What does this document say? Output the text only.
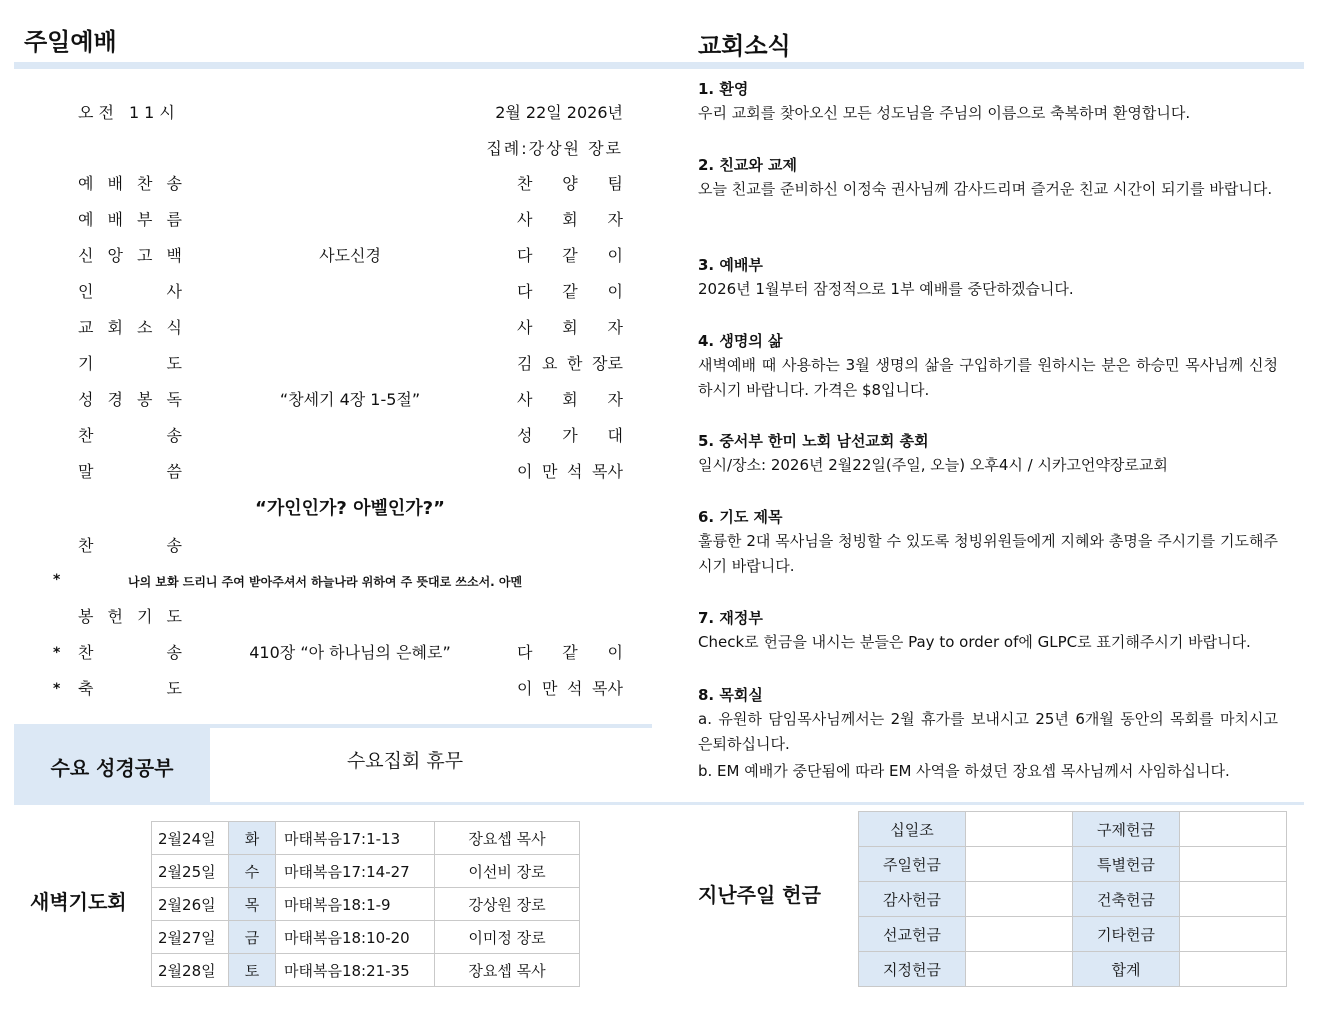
주일예배	교회소식
오전 11시	2월 22일 2026년
집례:강상원 장로
예 배 찬 송	찬 양 팀
예 배 부 름	사 회 자
신 앙 고 백	사도신경	다 같 이
인	사	다 같 이
교 회 소 식	사 회 자
기	도	김 요 한 장로
성 경 봉 독	“창세기 4장 1-5절”	사 회 자
찬	송	성 가 대
말	씀	이 만 석 목사
“가인인가? 아벨인가?”
찬	송
*	나의 보화 드리니 주여 받아주셔서 하늘나라 위하여 주 뜻대로 쓰소서. 아멘
봉 헌 기 도
* 찬	송	410장 “아 하나님의 은혜로”	다 같 이
* 축	도	이 만 석 목사
수요 성경공부	수요집회 휴무
새벽기도회
2월24일	화	마태복음17:1-13	장요셉 목사
2월25일	수	마태복음17:14-27	이선비 장로
2월26일	목	마태복음18:1-9	강상원 장로
2월27일	금	마태복음18:10-20	이미정 장로
2월28일	토	마태복음18:21-35	장요셉 목사
1. 환영
우리 교회를 찾아오신 모든 성도님을 주님의 이름으로 축복하며 환영합니다.
2. 친교와 교제
오늘 친교를 준비하신 이정숙 권사님께 감사드리며 즐거운 친교 시간이 되기를 바랍니다.
3. 예배부
2026년 1월부터 잠정적으로 1부 예배를 중단하겠습니다.
4. 생명의 삶
새벽예배 때 사용하는 3월 생명의 삶을 구입하기를 원하시는 분은 하승민 목사님께 신청하시기 바랍니다. 가격은 $8입니다.
5. 중서부 한미 노회 남선교회 총회
일시/장소: 2026년 2월22일(주일, 오늘) 오후4시 / 시카고언약장로교회
6. 기도 제목
훌륭한 2대 목사님을 청빙할 수 있도록 청빙위원들에게 지혜와 총명을 주시기를 기도해주시기 바랍니다.
7. 재정부
Check로 헌금을 내시는 분들은 Pay to order of에 GLPC로 표기해주시기 바랍니다.
8. 목회실
a. 유원하 담임목사님께서는 2월 휴가를 보내시고 25년 6개월 동안의 목회를 마치시고 은퇴하십니다.
b. EM 예배가 중단됨에 따라 EM 사역을 하셨던 장요셉 목사님께서 사임하십니다.
지난주일 헌금
십일조		구제헌금	
주일헌금		특별헌금	
감사헌금		건축헌금	
선교헌금		기타헌금	
지정헌금		합계	
